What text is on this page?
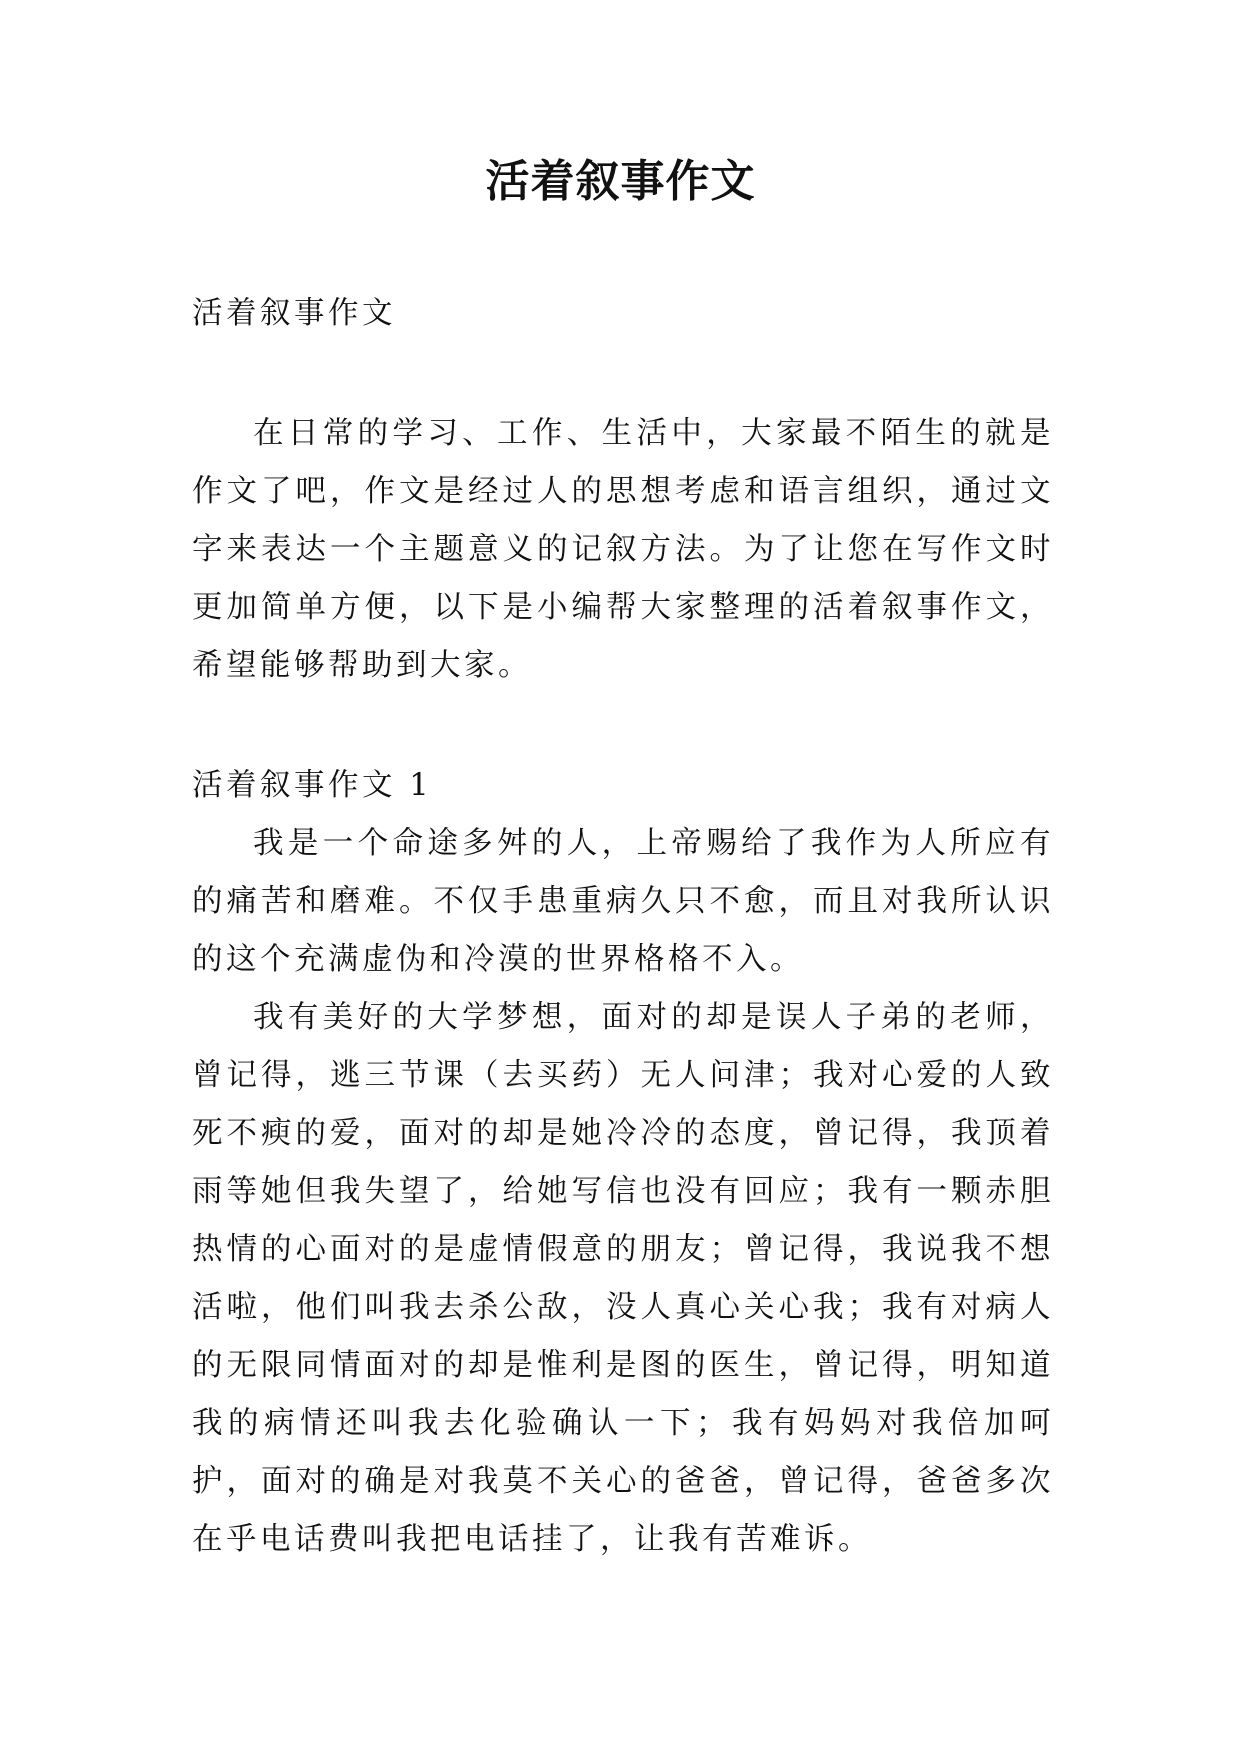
活着叙事作文

活着叙事作文

在日常的学习、工作、生活中，大家最不陌生的就是作文了吧，作文是经过人的思想考虑和语言组织，通过文字来表达一个主题意义的记叙方法。为了让您在写作文时更加简单方便，以下是小编帮大家整理的活着叙事作文，希望能够帮助到大家。

活着叙事作文 1

我是一个命途多舛的人，上帝赐给了我作为人所应有的痛苦和磨难。不仅手患重病久只不愈，而且对我所认识的这个充满虚伪和冷漠的世界格格不入。

我有美好的大学梦想，面对的却是误人子弟的老师，曾记得，逃三节课（去买药）无人问津；我对心爱的人致死不瘐的爱，面对的却是她冷冷的态度，曾记得，我顶着雨等她但我失望了，给她写信也没有回应；我有一颗赤胆热情的心面对的是虚情假意的朋友；曾记得，我说我不想活啦，他们叫我去杀公敌，没人真心关心我；我有对病人的无限同情面对的却是惟利是图的医生，曾记得，明知道我的病情还叫我去化验确认一下；我有妈妈对我倍加呵护，面对的确是对我莫不关心的爸爸，曾记得，爸爸多次在乎电话费叫我把电话挂了，让我有苦难诉。
